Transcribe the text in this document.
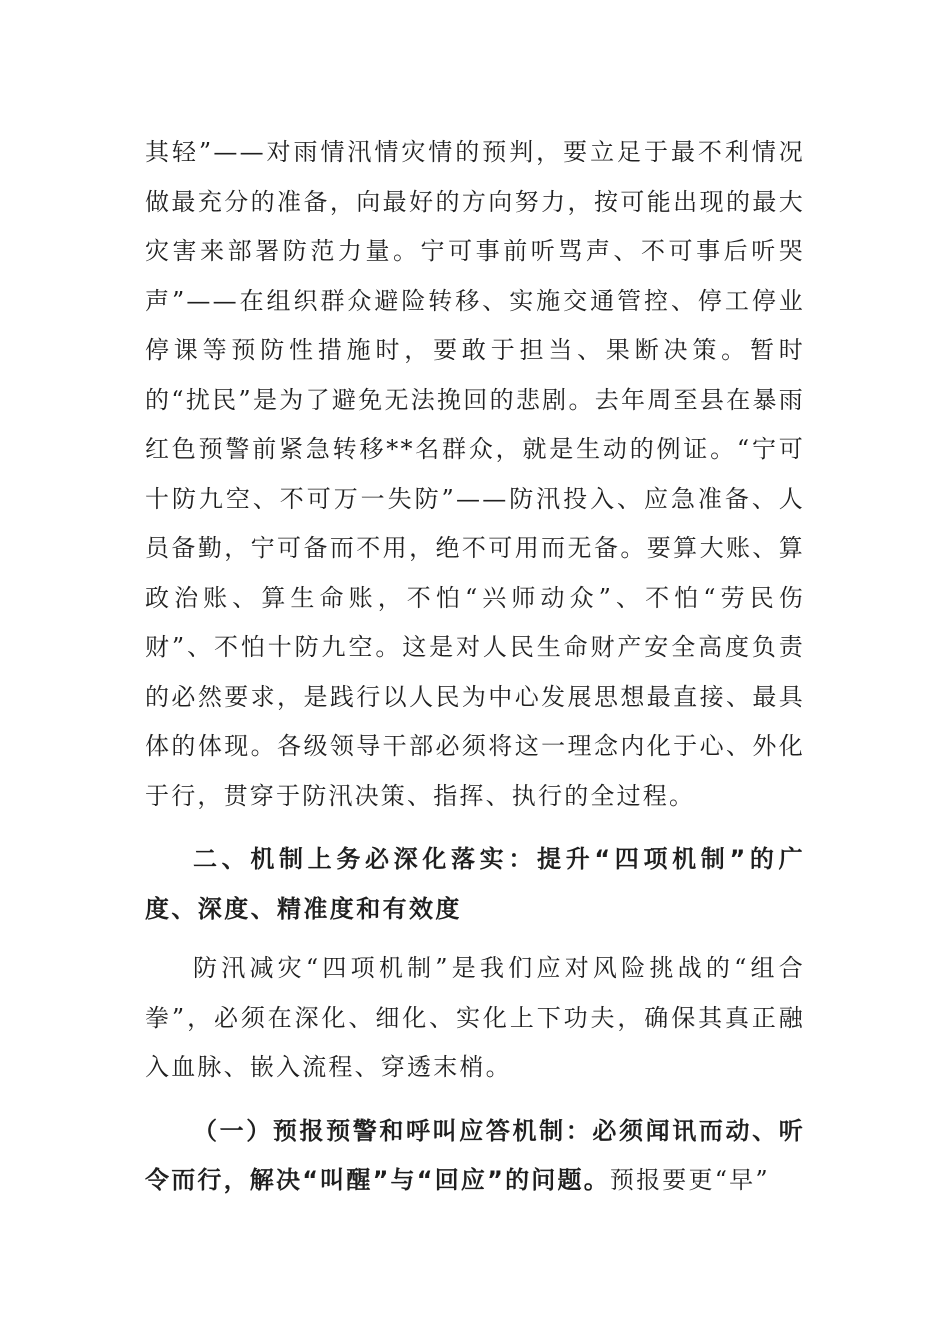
其轻”——对雨情汛情灾情的预判，要立足于最不利情况做最充分的准备，向最好的方向努力，按可能出现的最大灾害来部署防范力量。宁可事前听骂声、不可事后听哭声”——在组织群众避险转移、实施交通管控、停工停业停课等预防性措施时，要敢于担当、果断决策。暂时的“扰民”是为了避免无法挽回的悲剧。去年周至县在暴雨红色预警前紧急转移**名群众，就是生动的例证。“宁可十防九空、不可万一失防”——防汛投入、应急准备、人员备勤，宁可备而不用，绝不可用而无备。要算大账、算政治账、算生命账，不怕“兴师动众”、不怕“劳民伤财”、不怕十防九空。这是对人民生命财产安全高度负责的必然要求，是践行以人民为中心发展思想最直接、最具体的体现。各级领导干部必须将这一理念内化于心、外化于行，贯穿于防汛决策、指挥、执行的全过程。

二、机制上务必深化落实：提升“四项机制”的广度、深度、精准度和有效度

防汛减灾“四项机制”是我们应对风险挑战的“组合拳”，必须在深化、细化、实化上下功夫，确保其真正融入血脉、嵌入流程、穿透末梢。

（一）预报预警和呼叫应答机制：必须闻讯而动、听令而行，解决“叫醒”与“回应”的问题。预报要更“早”
